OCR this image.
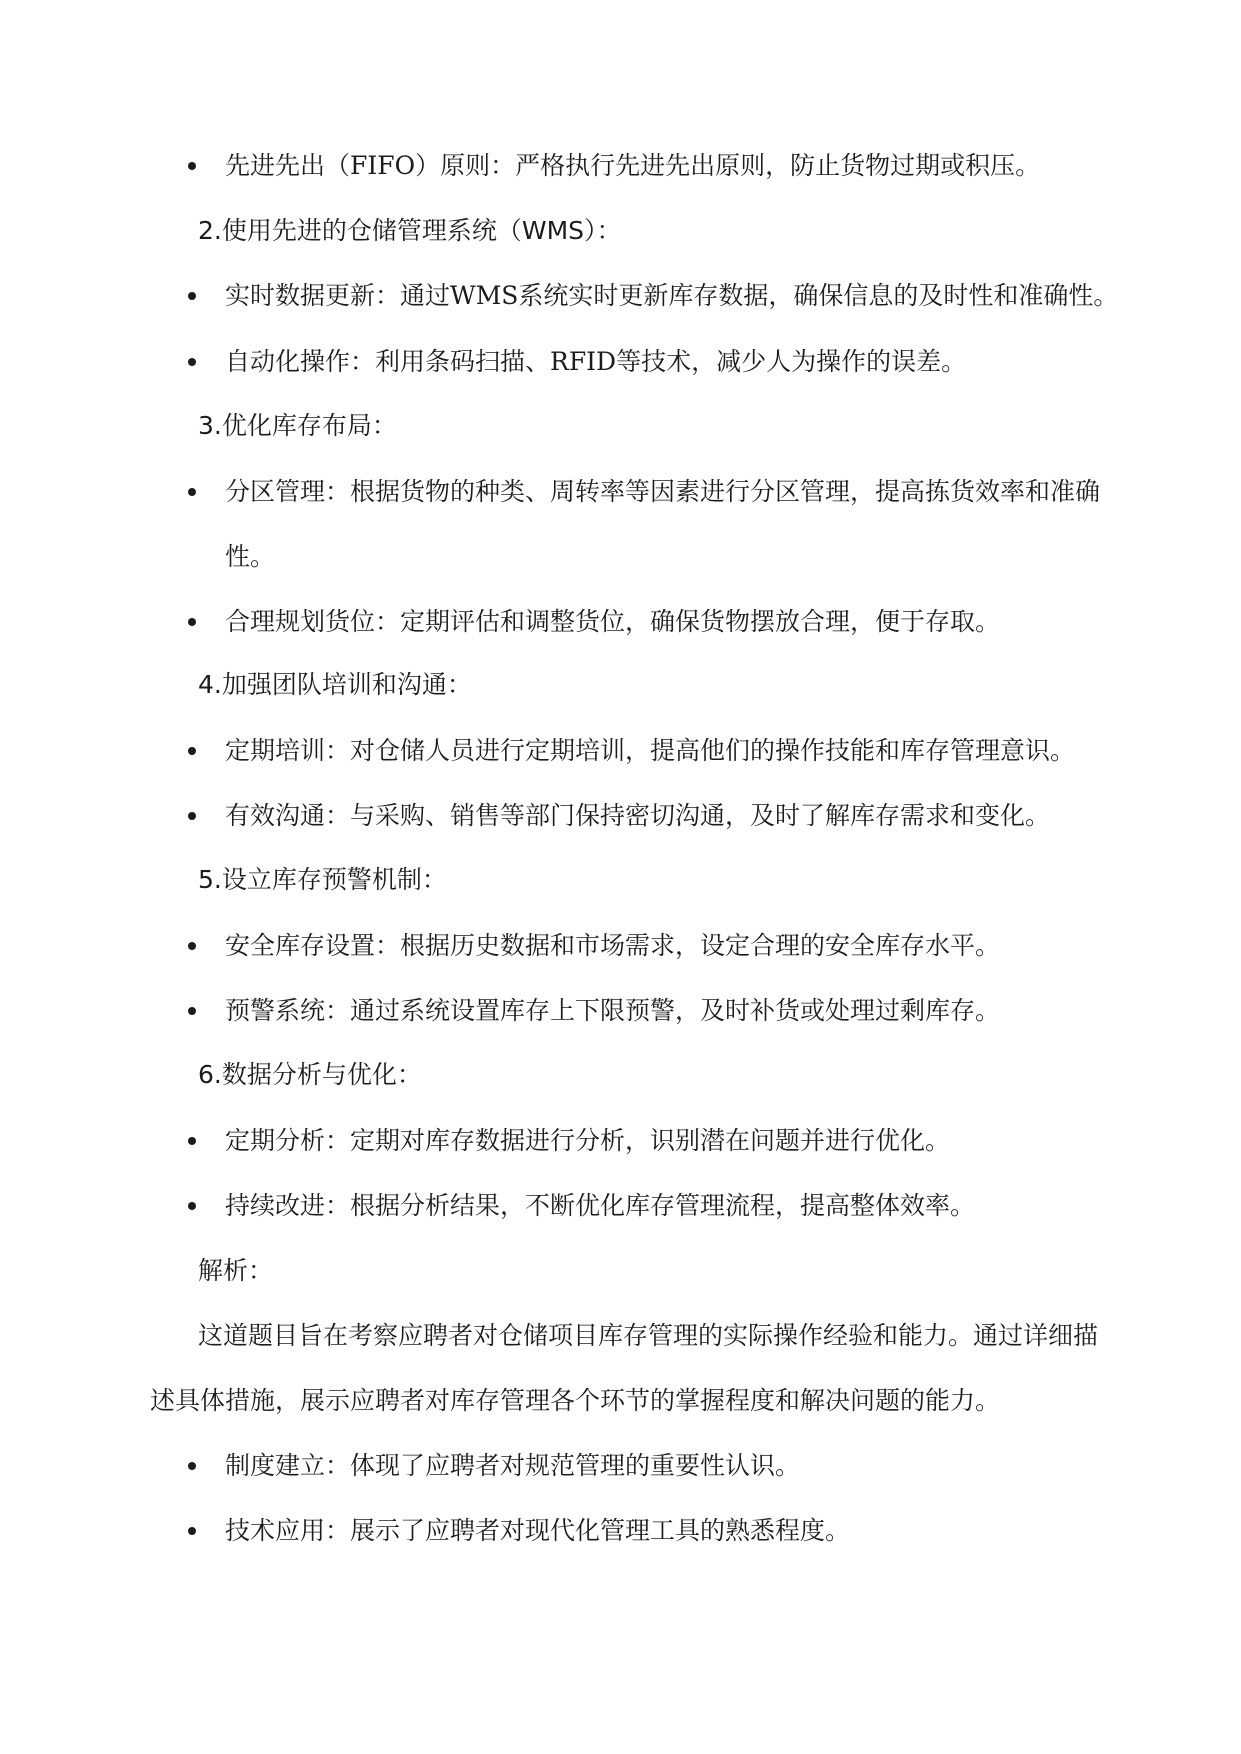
先进先出（FIFO）原则：严格执行先进先出原则，防止货物过期或积压。
2.使用先进的仓储管理系统（WMS）：
实时数据更新：通过WMS系统实时更新库存数据，确保信息的及时性和准确性。
自动化操作：利用条码扫描、RFID等技术，减少人为操作的误差。
3.优化库存布局：
分区管理：根据货物的种类、周转率等因素进行分区管理，提高拣货效率和准确
性。
合理规划货位：定期评估和调整货位，确保货物摆放合理，便于存取。
4.加强团队培训和沟通：
定期培训：对仓储人员进行定期培训，提高他们的操作技能和库存管理意识。
有效沟通：与采购、销售等部门保持密切沟通，及时了解库存需求和变化。
5.设立库存预警机制：
安全库存设置：根据历史数据和市场需求，设定合理的安全库存水平。
预警系统：通过系统设置库存上下限预警，及时补货或处理过剩库存。
6.数据分析与优化：
定期分析：定期对库存数据进行分析，识别潜在问题并进行优化。
持续改进：根据分析结果，不断优化库存管理流程，提高整体效率。
解析：
这道题目旨在考察应聘者对仓储项目库存管理的实际操作经验和能力。通过详细描
述具体措施，展示应聘者对库存管理各个环节的掌握程度和解决问题的能力。
制度建立：体现了应聘者对规范管理的重要性认识。
技术应用：展示了应聘者对现代化管理工具的熟悉程度。
